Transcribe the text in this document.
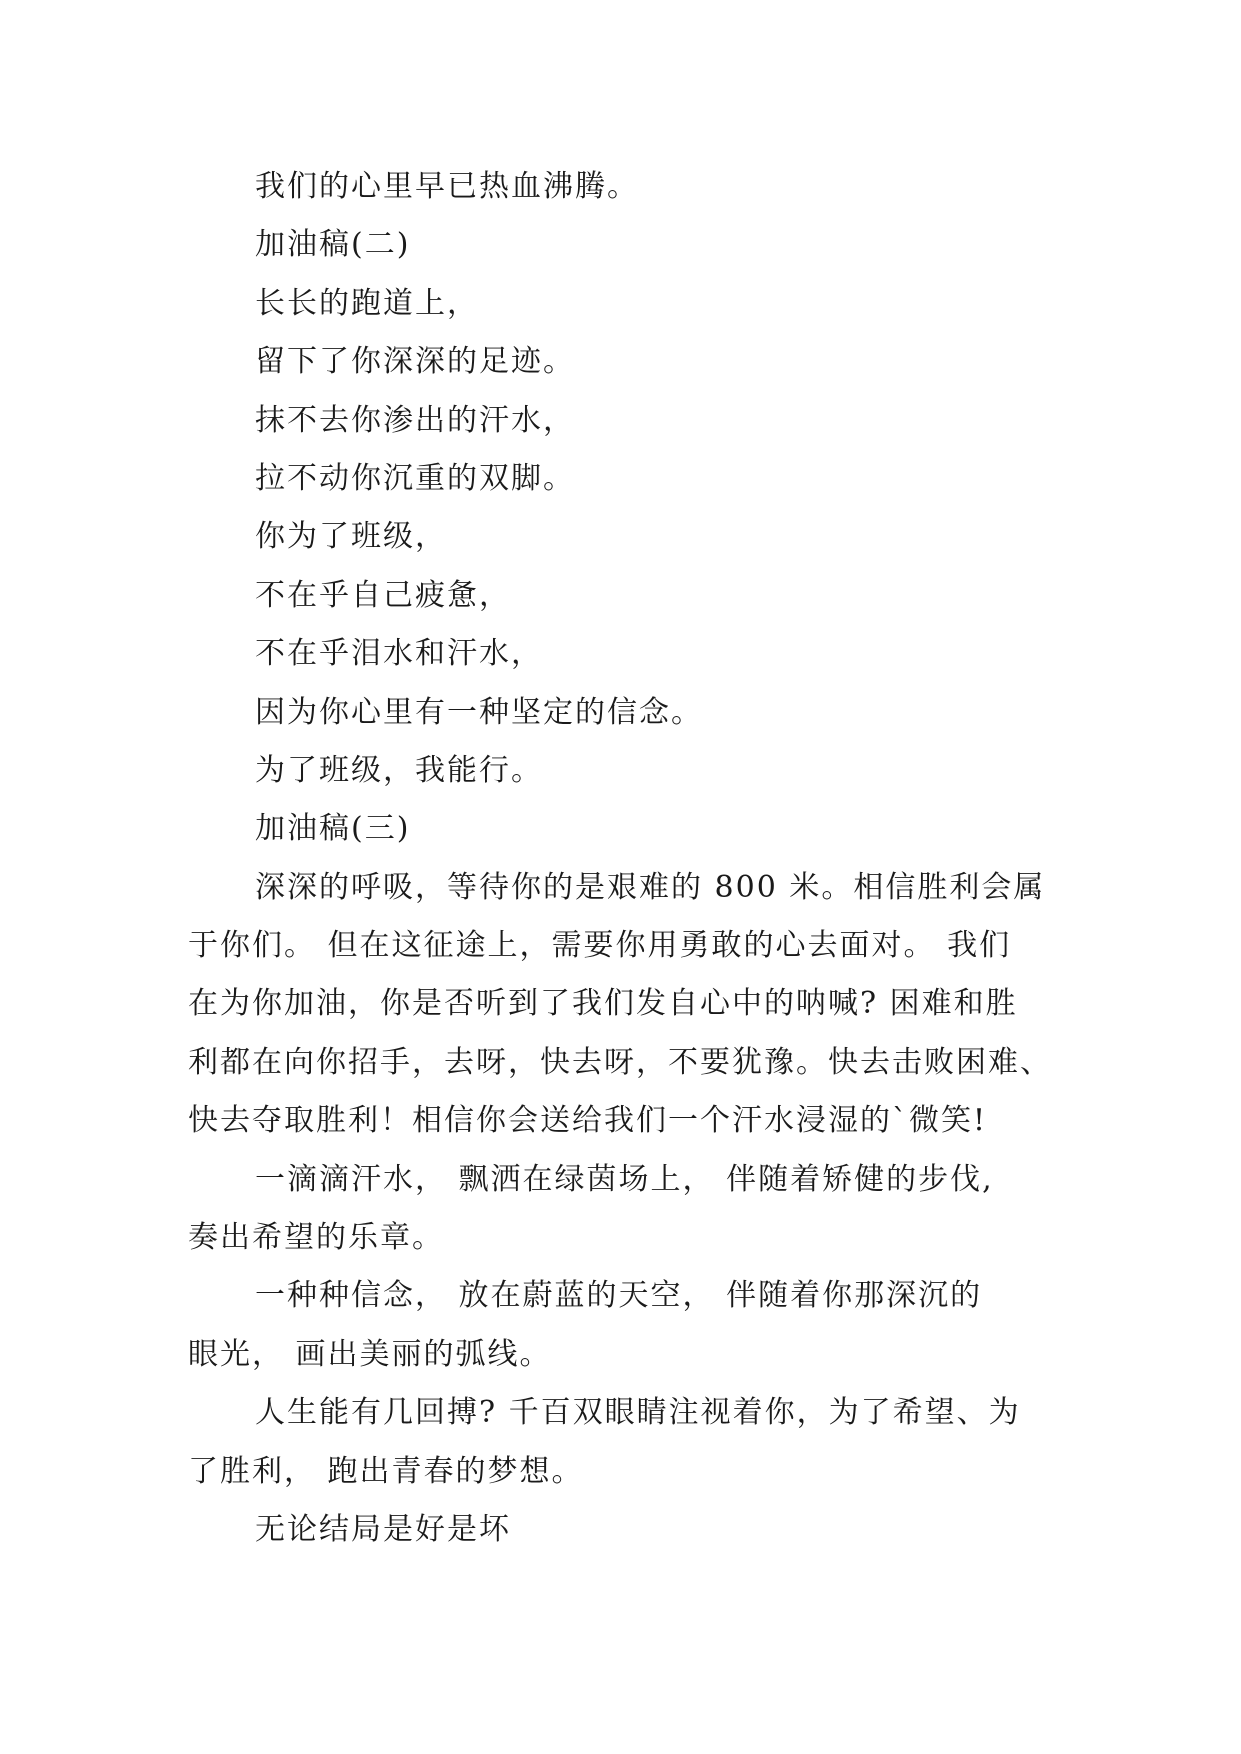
我们的心里早已热血沸腾。
加油稿(二)
长长的跑道上，
留下了你深深的足迹。
抹不去你渗出的汗水，
拉不动你沉重的双脚。
你为了班级，
不在乎自己疲惫，
不在乎泪水和汗水，
因为你心里有一种坚定的信念。
为了班级，我能行。
加油稿(三)
深深的呼吸，等待你的是艰难的 800 米。相信胜利会属
于你们。 但在这征途上，需要你用勇敢的心去面对。 我们
在为你加油，你是否听到了我们发自心中的呐喊? 困难和胜
利都在向你招手，去呀，快去呀，不要犹豫。快去击败困难、
快去夺取胜利！相信你会送给我们一个汗水浸湿的`微笑!
一滴滴汗水， 飘洒在绿茵场上， 伴随着矫健的步伐,
奏出希望的乐章。
一种种信念， 放在蔚蓝的天空， 伴随着你那深沉的
眼光， 画出美丽的弧线。
人生能有几回搏? 千百双眼睛注视着你，为了希望、为
了胜利， 跑出青春的梦想。
无论结局是好是坏
